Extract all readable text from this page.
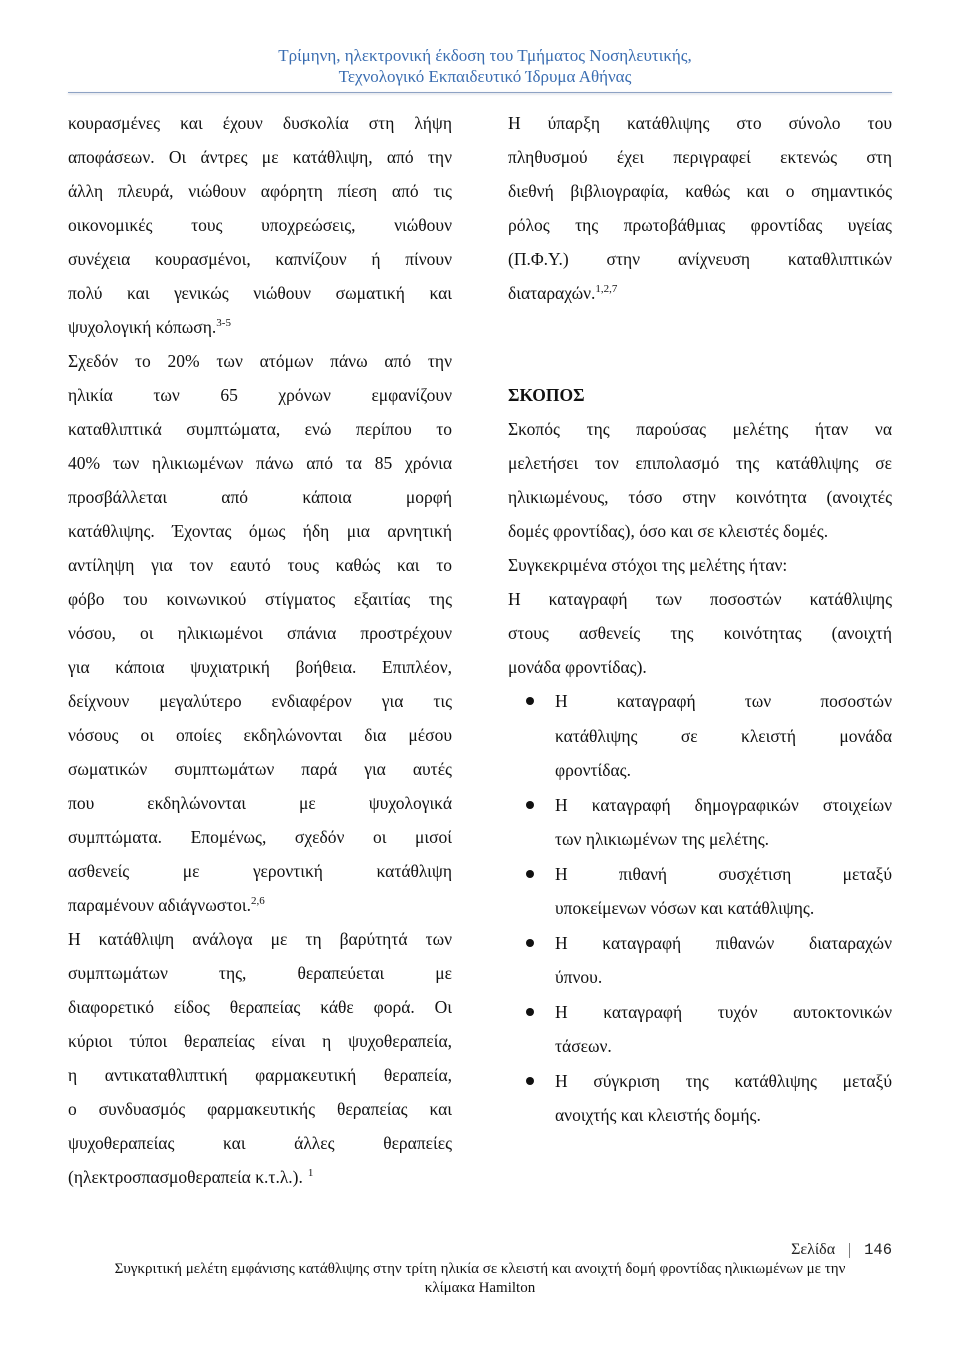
Τρίμηνη, ηλεκτρονική έκδοση του Τμήματος Νοσηλευτικής,
Τεχνολογικό Εκπαιδευτικό Ίδρυμα Αθήνας
κουρασμένες και έχουν δυσκολία στη λήψη
αποφάσεων. Οι άντρες με κατάθλιψη, από την
άλλη πλευρά, νιώθουν αφόρητη πίεση από τις
οικονομικές τους υποχρεώσεις, νιώθουν
συνέχεια κουρασμένοι, καπνίζουν ή πίνουν
πολύ και γενικώς νιώθουν σωματική και
ψυχολογική κόπωση.$^{3-5}$
Σχεδόν το 20% των ατόμων πάνω από την
ηλικία των 65 χρόνων εμφανίζουν
καταθλιπτικά συμπτώματα, ενώ περίπου το
40% των ηλικιωμένων πάνω από τα 85 χρόνια
προσβάλλεται από κάποια μορφή
κατάθλιψης. Έχοντας όμως ήδη μια αρνητική
αντίληψη για τον εαυτό τους καθώς και το
φόβο του κοινωνικού στίγματος εξαιτίας της
νόσου, οι ηλικιωμένοι σπάνια προστρέχουν
για κάποια ψυχιατρική βοήθεια. Επιπλέον,
δείχνουν μεγαλύτερο ενδιαφέρον για τις
νόσους οι οποίες εκδηλώνονται δια μέσου
σωματικών συμπτωμάτων παρά για αυτές
που εκδηλώνονται με ψυχολογικά
συμπτώματα. Επομένως, σχεδόν οι μισοί
ασθενείς με γεροντική κατάθλιψη
παραμένουν αδιάγνωστοι.$^{2,6}$
Η κατάθλιψη ανάλογα με τη βαρύτητά των
συμπτωμάτων της, θεραπεύεται με
διαφορετικό είδος θεραπείας κάθε φορά. Οι
κύριοι τύποι θεραπείας είναι η ψυχοθεραπεία,
η αντικαταθλιπτική φαρμακευτική θεραπεία,
ο συνδυασμός φαρμακευτικής θεραπείας και
ψυχοθεραπείας και άλλες θεραπείες
(ηλεκτροσπασμοθεραπεία κ.τ.λ.). $^1$
Η ύπαρξη κατάθλιψης στο σύνολο του
πληθυσμού έχει περιγραφεί εκτενώς στη
διεθνή βιβλιογραφία, καθώς και ο σημαντικός
ρόλος της πρωτοβάθμιας φροντίδας υγείας
(Π.Φ.Υ.) στην ανίχνευση καταθλιπτικών
διαταραχών.$^{1,2,7}$
ΣΚΟΠΟΣ
Σκοπός της παρούσας μελέτης ήταν να
μελετήσει τον επιπολασμό της κατάθλιψης σε
ηλικιωμένους, τόσο στην κοινότητα (ανοιχτές
δομές φροντίδας), όσο και σε κλειστές δομές.
Συγκεκριμένα στόχοι της μελέτης ήταν:
Η καταγραφή των ποσοστών κατάθλιψης
στους ασθενείς της κοινότητας (ανοιχτή
μονάδα φροντίδας).
Η καταγραφή των ποσοστών
κατάθλιψης σε κλειστή μονάδα
φροντίδας.
Η καταγραφή δημογραφικών στοιχείων
των ηλικιωμένων της μελέτης.
Η πιθανή συσχέτιση μεταξύ
υποκείμενων νόσων και κατάθλιψης.
Η καταγραφή πιθανών διαταραχών
ύπνου.
Η καταγραφή τυχόν αυτοκτονικών
τάσεων.
Η σύγκριση της κατάθλιψης μεταξύ
ανοιχτής και κλειστής δομής.
Σελίδα 146
Συγκριτική μελέτη εμφάνισης κατάθλιψης στην τρίτη ηλικία σε κλειστή και ανοιχτή δομή φροντίδας ηλικιωμένων με την
κλίμακα Hamilton
